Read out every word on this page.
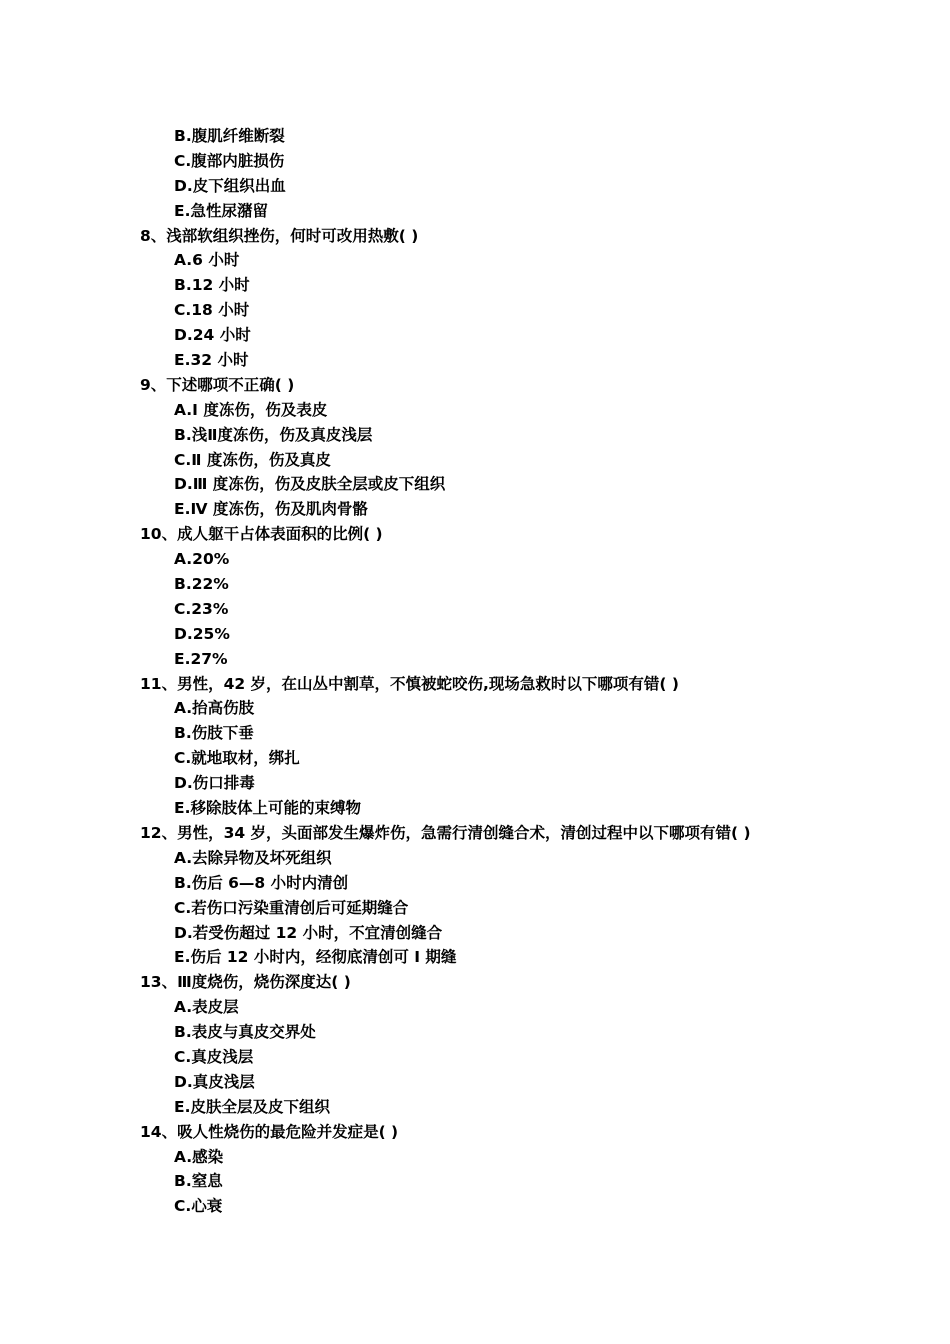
B.腹肌纤维断裂
C.腹部内脏损伤
D.皮下组织出血
E.急性尿潴留
8、浅部软组织挫伤，何时可改用热敷( )
A.6 小时
B.12 小时
C.18 小时
D.24 小时
E.32 小时
9、下述哪项不正确( )
A.Ⅰ 度冻伤，伤及表皮
B.浅Ⅱ度冻伤，伤及真皮浅层
C.Ⅱ 度冻伤，伤及真皮
D.Ⅲ 度冻伤，伤及皮肤全层或皮下组织
E.Ⅳ 度冻伤，伤及肌肉骨骼
10、成人躯干占体表面积的比例( )
A.20%
B.22%
C.23%
D.25%
E.27%
11、男性，42 岁，在山丛中割草，不慎被蛇咬伤,现场急救时以下哪项有错( )
A.抬高伤肢
B.伤肢下垂
C.就地取材，绑扎
D.伤口排毒
E.移除肢体上可能的束缚物
12、男性，34 岁，头面部发生爆炸伤，急需行清创缝合术，清创过程中以下哪项有错( )
A.去除异物及坏死组织
B.伤后 6—8 小时内清创
C.若伤口污染重清创后可延期缝合
D.若受伤超过 12 小时，不宜清创缝合
E.伤后 12 小时内，经彻底清创可 I 期缝
13、Ⅲ度烧伤，烧伤深度达( )
A.表皮层
B.表皮与真皮交界处
C.真皮浅层
D.真皮浅层
E.皮肤全层及皮下组织
14、吸人性烧伤的最危险并发症是( )
A.感染
B.窒息
C.心衰
